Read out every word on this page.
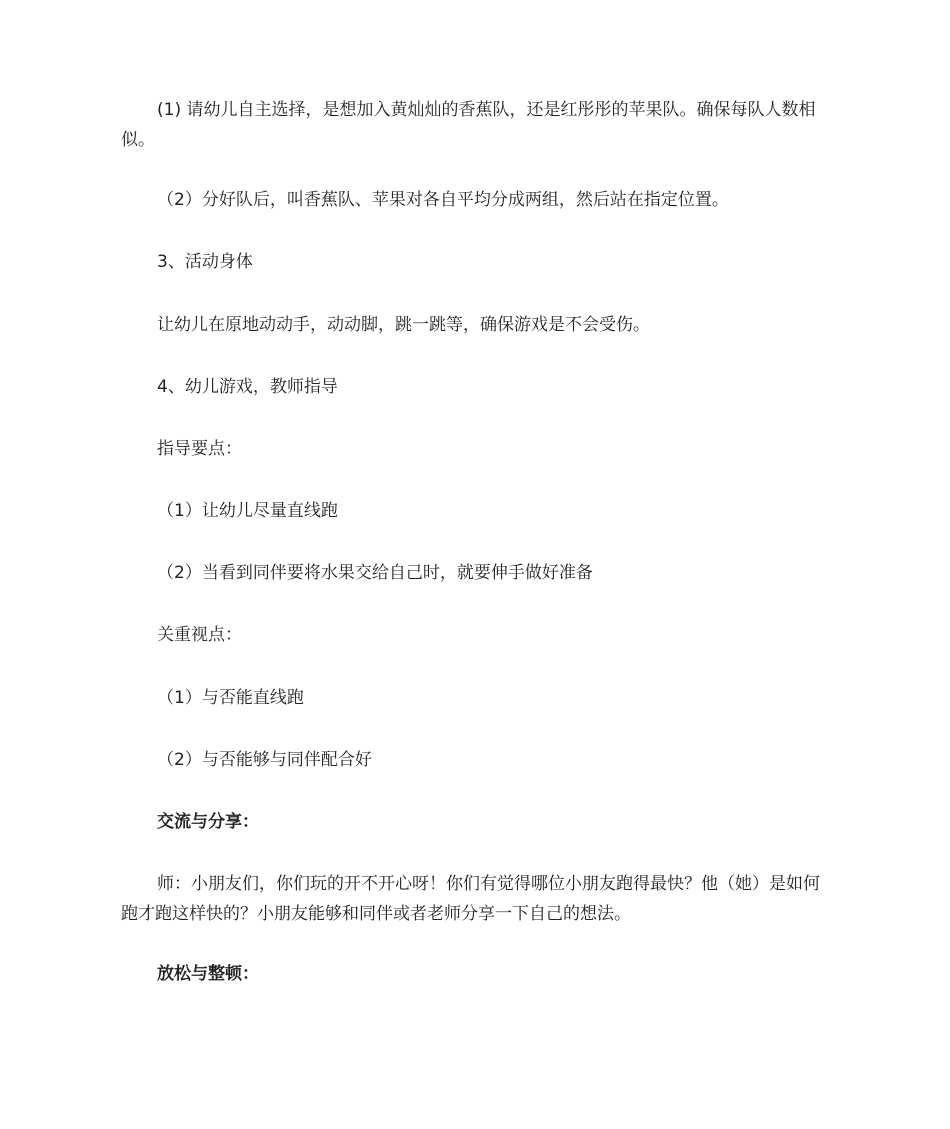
(1) 请幼儿自主选择，是想加入黄灿灿的香蕉队，还是红彤彤的苹果队。确保每队人数相似。

（2）分好队后，叫香蕉队、苹果对各自平均分成两组，然后站在指定位置。

3、活动身体

让幼儿在原地动动手，动动脚，跳一跳等，确保游戏是不会受伤。

4、幼儿游戏，教师指导

指导要点：

（1）让幼儿尽量直线跑

（2）当看到同伴要将水果交给自己时，就要伸手做好准备

关重视点：

（1）与否能直线跑

（2）与否能够与同伴配合好

交流与分享：

师：小朋友们，你们玩的开不开心呀！你们有觉得哪位小朋友跑得最快？他（她）是如何跑才跑这样快的？小朋友能够和同伴或者老师分享一下自己的想法。

放松与整顿：
